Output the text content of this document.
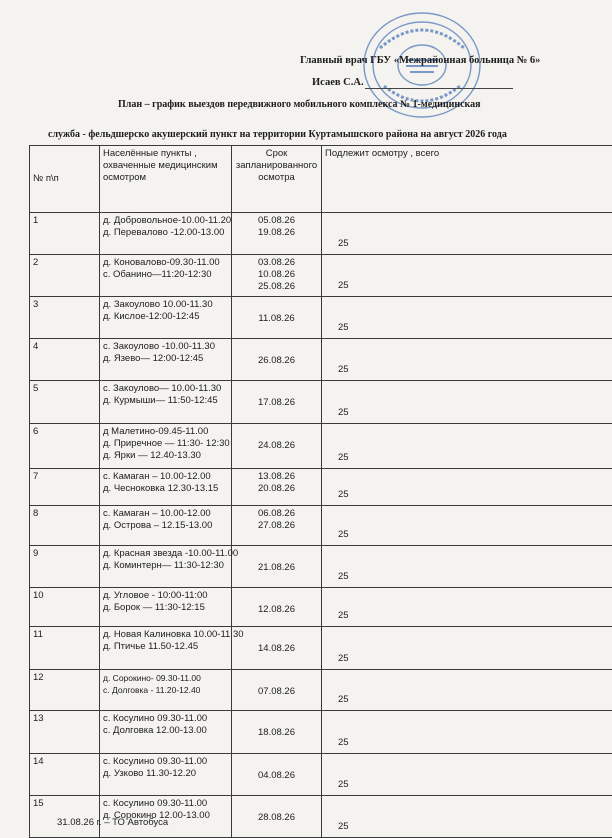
Главный врач ГБУ «Межрайонная больница № 6»
Исаев С.А.
План – график выездов передвижного мобильного комплекса № 1-медицинская
служба - фельдшерско акушерский пункт на территории Куртамышского района на август 2026 года
№ п\п	Населённые пункты , охваченные медицинским осмотром	Срок запланированного осмотра	Подлежит осмотру , всего
1	д. Добровольное-10.00-11.20
д. Перевалово -12.00-13.00	05.08.26
19.08.26	25
2	д. Коновалово-09.30-11.00
с. Обанино—11:20-12:30	03.08.26
10.08.26
25.08.26	25
3	д. Закоулово 10.00-11.30
д. Кислое-12:00-12:45	11.08.26	25
4	с. Закоулово -10.00-11.30
д. Язево— 12:00-12:45	26.08.26	25
5	с. Закоулово— 10.00-11.30
д. Курмыши— 11:50-12:45	17.08.26	25
6	д Малетино-09.45-11.00
д. Приречное — 11:30- 12:30
д. Ярки — 12.40-13.30	24.08.26	25
7	с. Камаган – 10.00-12.00
д. Чесноковка 12.30-13.15	13.08.26
20.08.26	25
8	с. Камаган – 10.00-12.00
д. Острова – 12.15-13.00	06.08.26
27.08.26	25
9	д. Красная звезда -10.00-11.00
д. Коминтерн— 11:30-12:30	21.08.26	25
10	д. Угловое - 10:00-11:00
д. Борок — 11:30-12:15	12.08.26	25
11	д. Новая Калиновка 10.00-11.30
д. Птичье 11.50-12.45	14.08.26	25
12	д. Сорокино- 09.30-11.00
с. Долговка - 11.20-12.40	07.08.26	25
13	с. Косулино 09.30-11.00
с. Долговка 12.00-13.00	18.08.26	25
14	с. Косулино 09.30-11.00
д. Узково 11.30-12.20	04.08.26	25
15	с. Косулино 09.30-11.00
д. Сорокино 12.00-13.00	28.08.26	25
31.08.26 г. – ТО Автобуса
